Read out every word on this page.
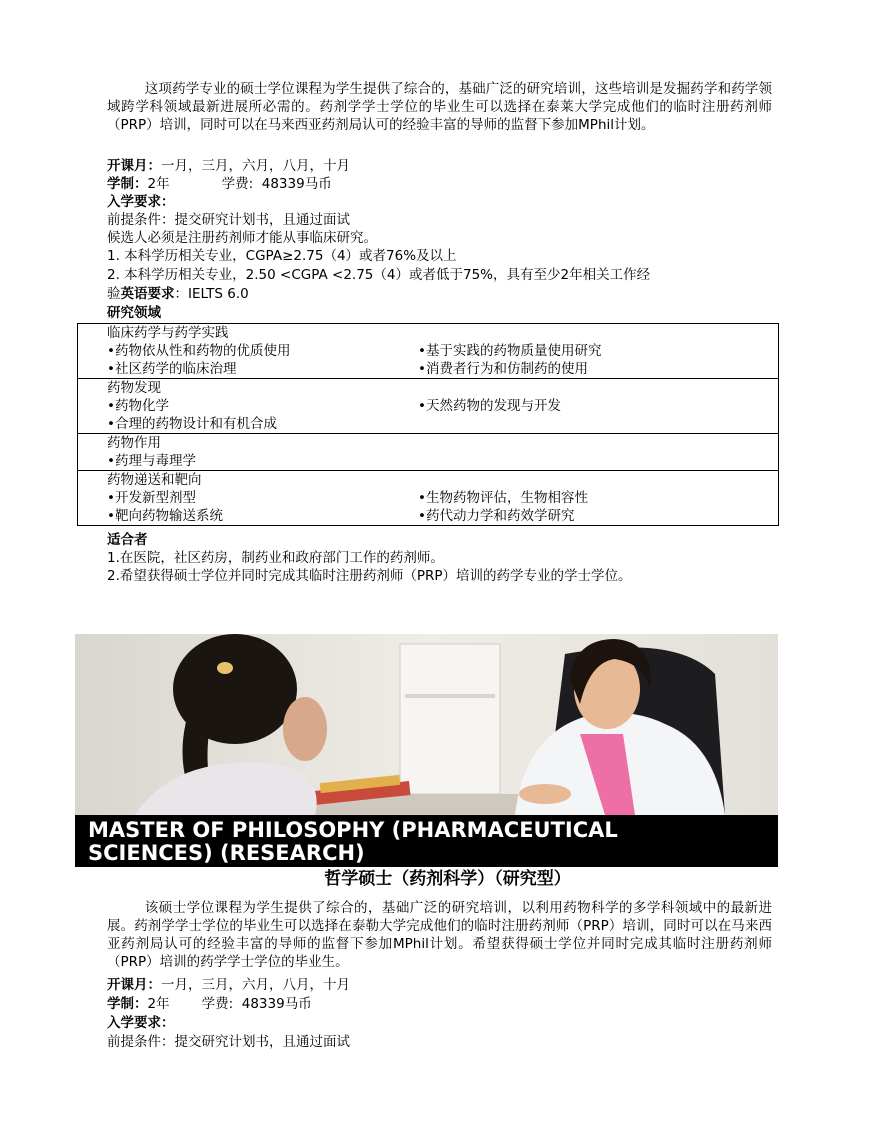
这项药学专业的硕士学位课程为学生提供了综合的，基础广泛的研究培训，这些培训是发掘药学和药学领域跨学科领域最新进展所必需的。药剂学学士学位的毕业生可以选择在泰莱大学完成他们的临时注册药剂师（PRP）培训，同时可以在马来西亚药剂局认可的经验丰富的导师的监督下参加MPhil计划。

开课月：一月，三月，六月，八月，十月
学制：2年	学费: 48339马币
入学要求：
前提条件：提交研究计划书，且通过面试
候选人必须是注册药剂师才能从事临床研究。
1. 本科学历相关专业，CGPA≥2.75（4）或者76%及以上
2. 本科学历相关专业，2.50 <CGPA <2.75（4）或者低于75%，具有至少2年相关工作经
验英语要求：IELTS 6.0
研究领域
临床药学与药学实践	
•药物依从性和药物的优质使用	•基于实践的药物质量使用研究
•社区药学的临床治理	•消费者行为和仿制药的使用
药物发现	
•药物化学	•天然药物的发现与开发
•合理的药物设计和有机合成	
药物作用	
•药理与毒理学	
药物递送和靶向	
•开发新型剂型	•生物药物评估，生物相容性
•靶向药物输送系统	•药代动力学和药效学研究
适合者
1.在医院，社区药房，制药业和政府部门工作的药剂师。
2.希望获得硕士学位并同时完成其临时注册药剂师（PRP）培训的药学专业的学士学位。
MASTER OF PHILOSOPHY (PHARMACEUTICAL
SCIENCES) (RESEARCH)
哲学硕士（药剂科学）（研究型）

该硕士学位课程为学生提供了综合的，基础广泛的研究培训，以利用药物科学的多学科领域中的最新进展。药剂学学士学位的毕业生可以选择在泰勒大学完成他们的临时注册药剂师（PRP）培训，同时可以在马来西亚药剂局认可的经验丰富的导师的监督下参加MPhil计划。希望获得硕士学位并同时完成其临时注册药剂师（PRP）培训的药学学士学位的毕业生。

开课月：一月，三月，六月，八月，十月
学制：2年 学费: 48339马币
入学要求：
前提条件：提交研究计划书，且通过面试
